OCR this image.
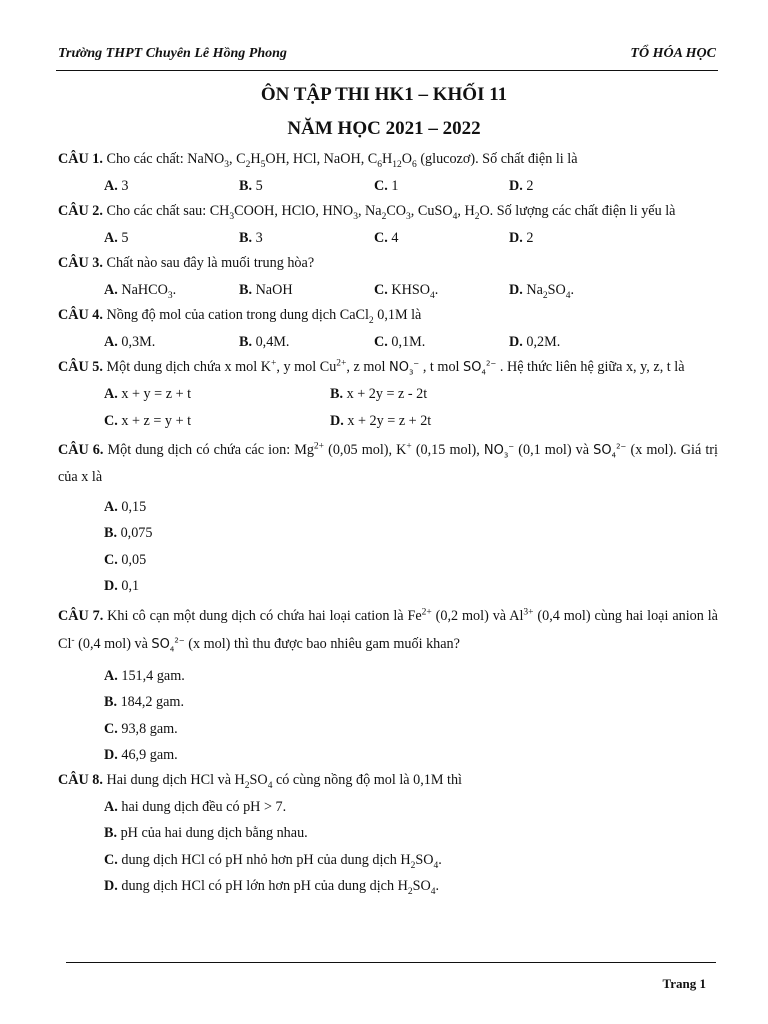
Trường THPT Chuyên Lê Hồng Phong	TỔ HÓA HỌC
ÔN TẬP THI HK1 – KHỐI 11
NĂM HỌC 2021 – 2022

CÂU 1. Cho các chất: NaNO$_3$, $C_2H_5OH$, HCl, NaOH, $C_6H_{12}O_6$ (glucozơ). Số chất điện li là

A. 3	B. 5	C. 1	D. 2

CÂU 2. Cho các chất sau: $CH_3COOH$, HClO, $HNO_3$, $Na_2CO_3$, CuSO$_4$, $H_2O$. Số lượng các chất điện li yếu là

A. 5	B. 3	C. 4	D. 2

CÂU 3. Chất nào sau đây là muối trung hòa?

A. NaHCO$_3$.	B. NaOH	C. $KHSO_4$.	D. $Na_2SO_4$.

CÂU 4. Nồng độ mol của cation trong dung dịch CaCl$_2$ 0,1M là

A. 0,3M.	B. 0,4M.	C. 0,1M.	D. 0,2M.

CÂU 5. Một dung dịch chứa x mol K+, y mol $Cu^{2+}$, z mol $NO_3^-$ , t mol $SO_4^{2-}$ . Hệ thức liên hệ giữa x, y, z, t là

A. x + y = z + t	B. x + 2y = z - 2t
C. x + z = y + t	D. x + 2y = z + 2t

CÂU 6. Một dung dịch có chứa các ion: $Mg^{2+}$ (0,05 mol), K+ (0,15 mol), $NO_3^-$ (0,1 mol) và $SO_4^{2-}$ (x mol). Giá trị của x là

A. 0,15
B. 0,075
C. 0,05
D. 0,1

CÂU 7. Khi cô cạn một dung dịch có chứa hai loại cation là $Fe^{2+}$ (0,2 mol) và $Al^{3+}$ (0,4 mol) cùng hai loại anion là Cl- (0,4 mol) và $SO_4^{2-}$ (x mol) thì thu được bao nhiêu gam muối khan?

A. 151,4 gam.
B. 184,2 gam.
C. 93,8 gam.
D. 46,9 gam.

CÂU 8. Hai dung dịch HCl và $H_2SO_4$ có cùng nồng độ mol là 0,1M thì

A. hai dung dịch đều có pH > 7.
B. pH của hai dung dịch bằng nhau.
C. dung dịch HCl có pH nhỏ hơn pH của dung dịch $H_2SO_4$.
D. dung dịch HCl có pH lớn hơn pH của dung dịch $H_2SO_4$.
Trang 1
